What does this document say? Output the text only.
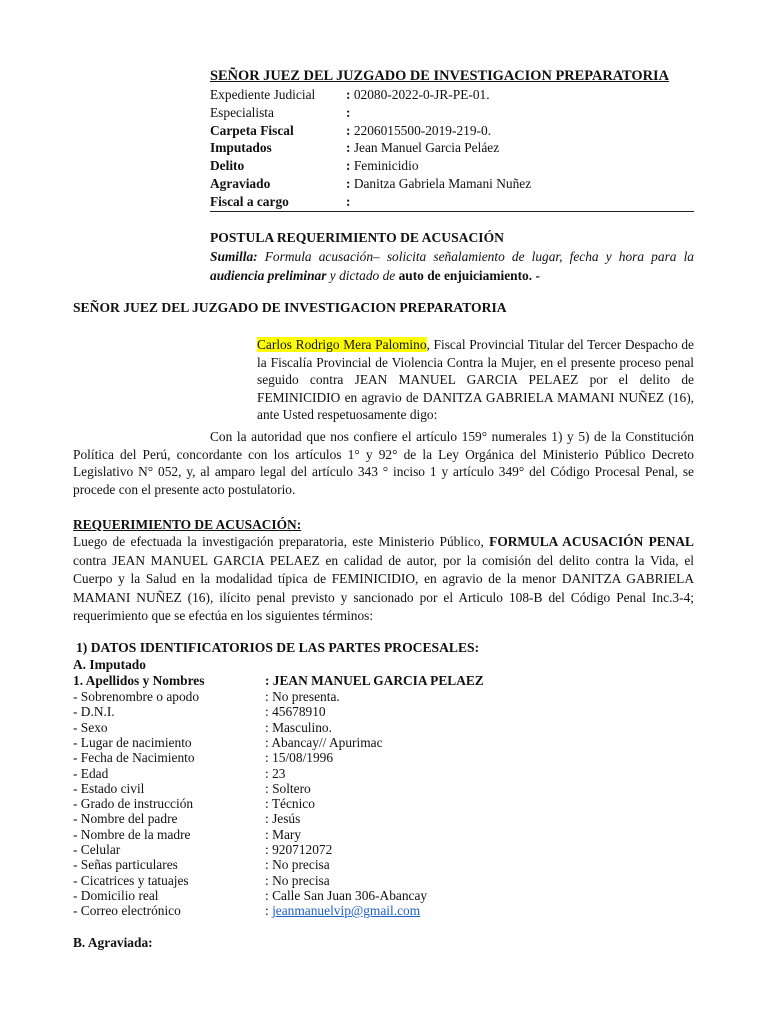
SEÑOR JUEZ DEL JUZGADO DE INVESTIGACION PREPARATORIA
Expediente Judicial : 02080-2022-0-JR-PE-01.
Especialista	:
Carpeta Fiscal	: 2206015500-2019-219-0.
Imputados	: Jean Manuel Garcia Peláez
Delito	: Feminicidio
Agraviado	: Danitza Gabriela Mamani Nuñez
Fiscal a cargo	:
POSTULA REQUERIMIENTO DE ACUSACIÓN
Sumilla: Formula acusación– solicita señalamiento de lugar, fecha y hora para la audiencia preliminar y dictado de auto de enjuiciamiento. -
SEÑOR JUEZ DEL JUZGADO DE INVESTIGACION PREPARATORIA
Carlos Rodrigo Mera Palomino, Fiscal Provincial Titular del Tercer Despacho de la Fiscalía Provincial de Violencia Contra la Mujer, en el presente proceso penal seguido contra JEAN MANUEL GARCIA PELAEZ por el delito de FEMINICIDIO en agravio de DANITZA GABRIELA MAMANI NUÑEZ (16), ante Usted respetuosamente digo:
Con la autoridad que nos confiere el artículo 159° numerales 1) y 5) de la Constitución Política del Perú, concordante con los artículos 1° y 92° de la Ley Orgánica del Ministerio Público Decreto Legislativo N° 052, y, al amparo legal del artículo 343 ° inciso 1 y artículo 349° del Código Procesal Penal, se procede con el presente acto postulatorio.
REQUERIMIENTO DE ACUSACIÓN:
Luego de efectuada la investigación preparatoria, este Ministerio Público, FORMULA ACUSACIÓN PENAL contra JEAN MANUEL GARCIA PELAEZ en calidad de autor, por la comisión del delito contra la Vida, el Cuerpo y la Salud en la modalidad típica de FEMINICIDIO, en agravio de la menor DANITZA GABRIELA MAMANI NUÑEZ (16), ilícito penal previsto y sancionado por el Articulo 108-B del Código Penal Inc.3-4; requerimiento que se efectúa en los siguientes términos:
1) DATOS IDENTIFICATORIOS DE LAS PARTES PROCESALES:
A. Imputado
1. Apellidos y Nombres	: JEAN MANUEL GARCIA PELAEZ
- Sobrenombre o apodo	: No presenta.
- D.N.I.	: 45678910
- Sexo	: Masculino.
- Lugar de nacimiento	: Abancay// Apurimac
- Fecha de Nacimiento	: 15/08/1996
- Edad	: 23
- Estado civil	: Soltero
- Grado de instrucción	: Técnico
- Nombre del padre	: Jesús
- Nombre de la madre	: Mary
- Celular	: 920712072
- Señas particulares	: No precisa
- Cicatrices y tatuajes	: No precisa
- Domicilio real	: Calle San Juan 306-Abancay
- Correo electrónico	: jeanmanuelvip@gmail.com
B. Agraviada:
